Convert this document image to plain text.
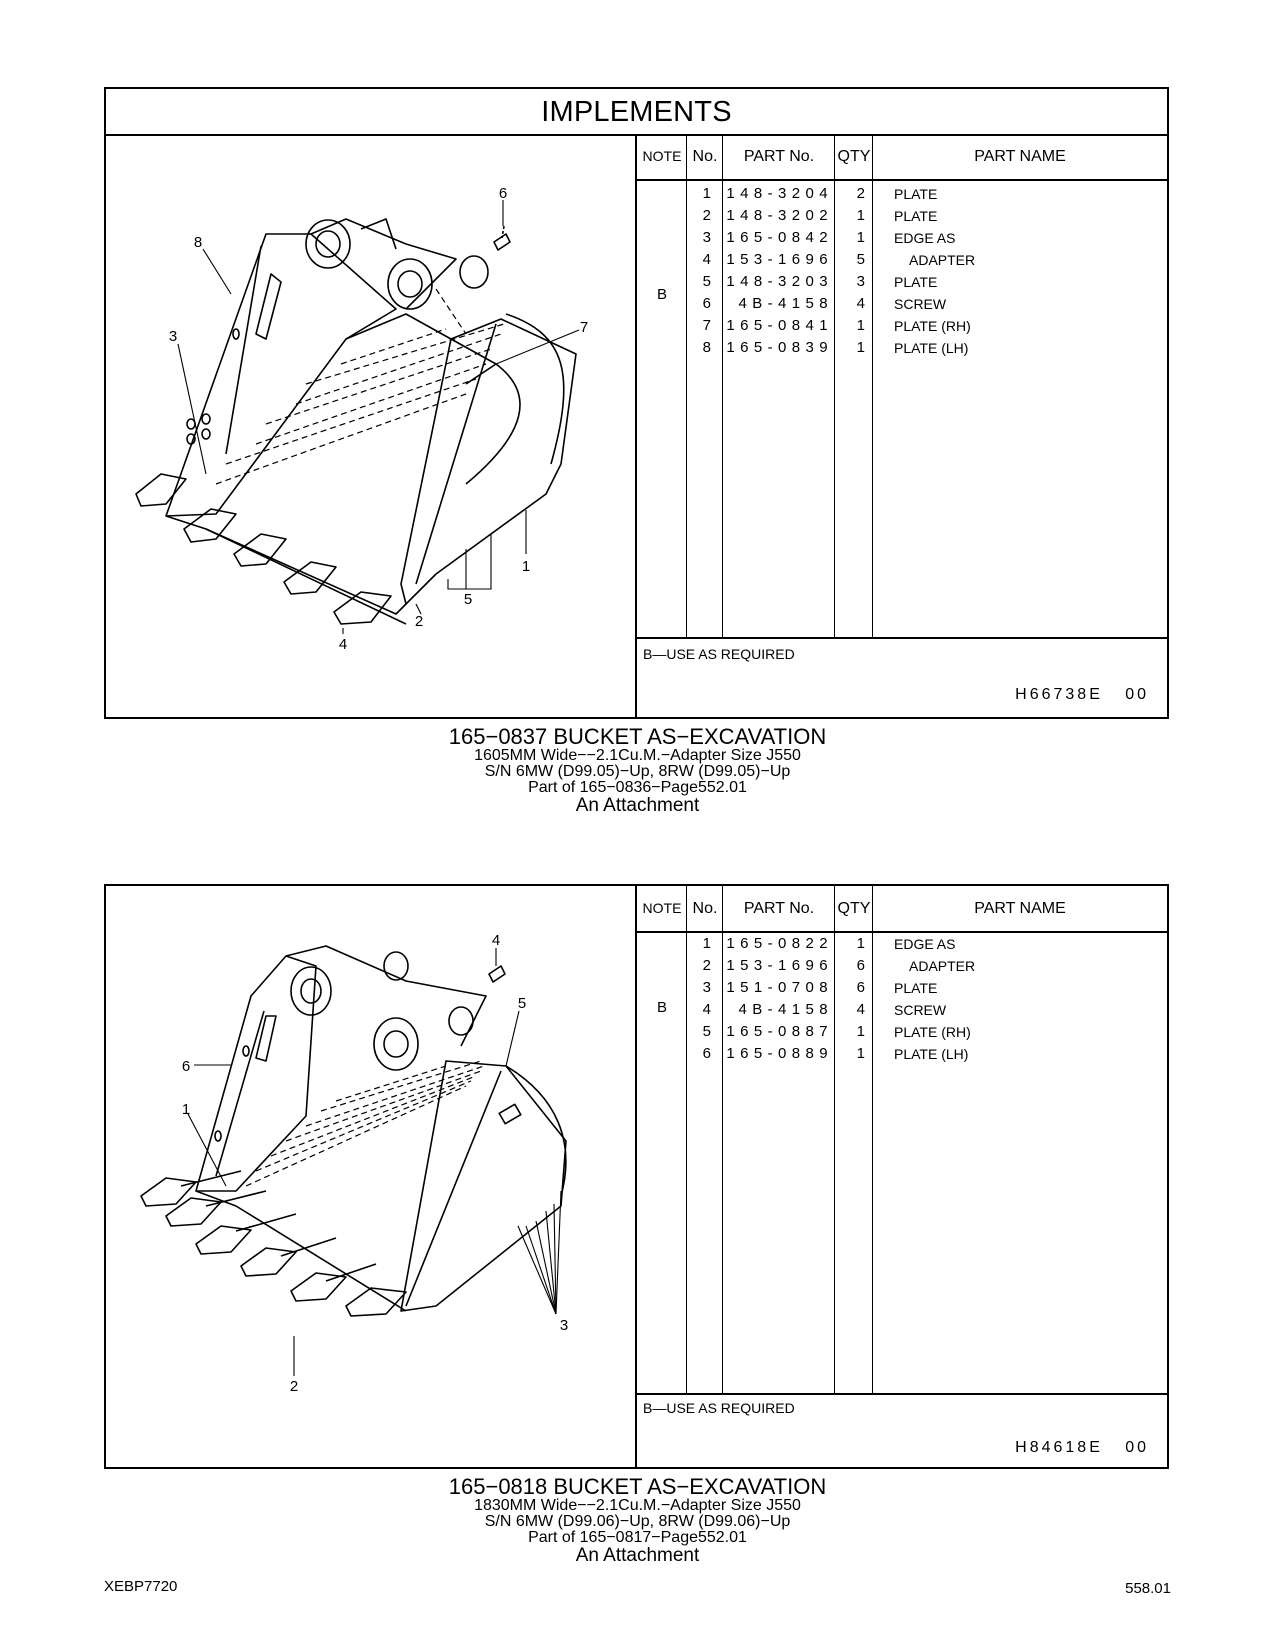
IMPLEMENTS
6
8
3
7
1
5
2
4
NOTE No.	PART No.	QTY	PART NAME
B
1 148-3204	2 PLATE
2 148-3202	1 PLATE
3 165-0842	1 EDGE AS
4 153-1696	5	ADAPTER
5 148-3203	3 PLATE
6	4B-4158	4 SCREW
7 165-0841	1 PLATE (RH)
8 165-0839	1 PLATE (LH)
B—USE AS REQUIRED
H66738E 00
165−0837 BUCKET AS−EXCAVATION
1605MM Wide−−2.1Cu.M.−Adapter Size J550
S/N 6MW (D99.05)−Up, 8RW (D99.05)−Up
Part of 165−0836−Page552.01
An Attachment
4
5
6
1
3
2
NOTE No.	PART No.	QTY	PART NAME
B
1 165-0822	1 EDGE AS
2 153-1696	6	ADAPTER
3 151-0708	6 PLATE
4	4B-4158	4 SCREW
5 165-0887	1 PLATE (RH)
6 165-0889	1 PLATE (LH)
B—USE AS REQUIRED
H84618E 00
165−0818 BUCKET AS−EXCAVATION
1830MM Wide−−2.1Cu.M.−Adapter Size J550
S/N 6MW (D99.06)−Up, 8RW (D99.06)−Up
Part of 165−0817−Page552.01
An Attachment
XEBP7720	558.01
